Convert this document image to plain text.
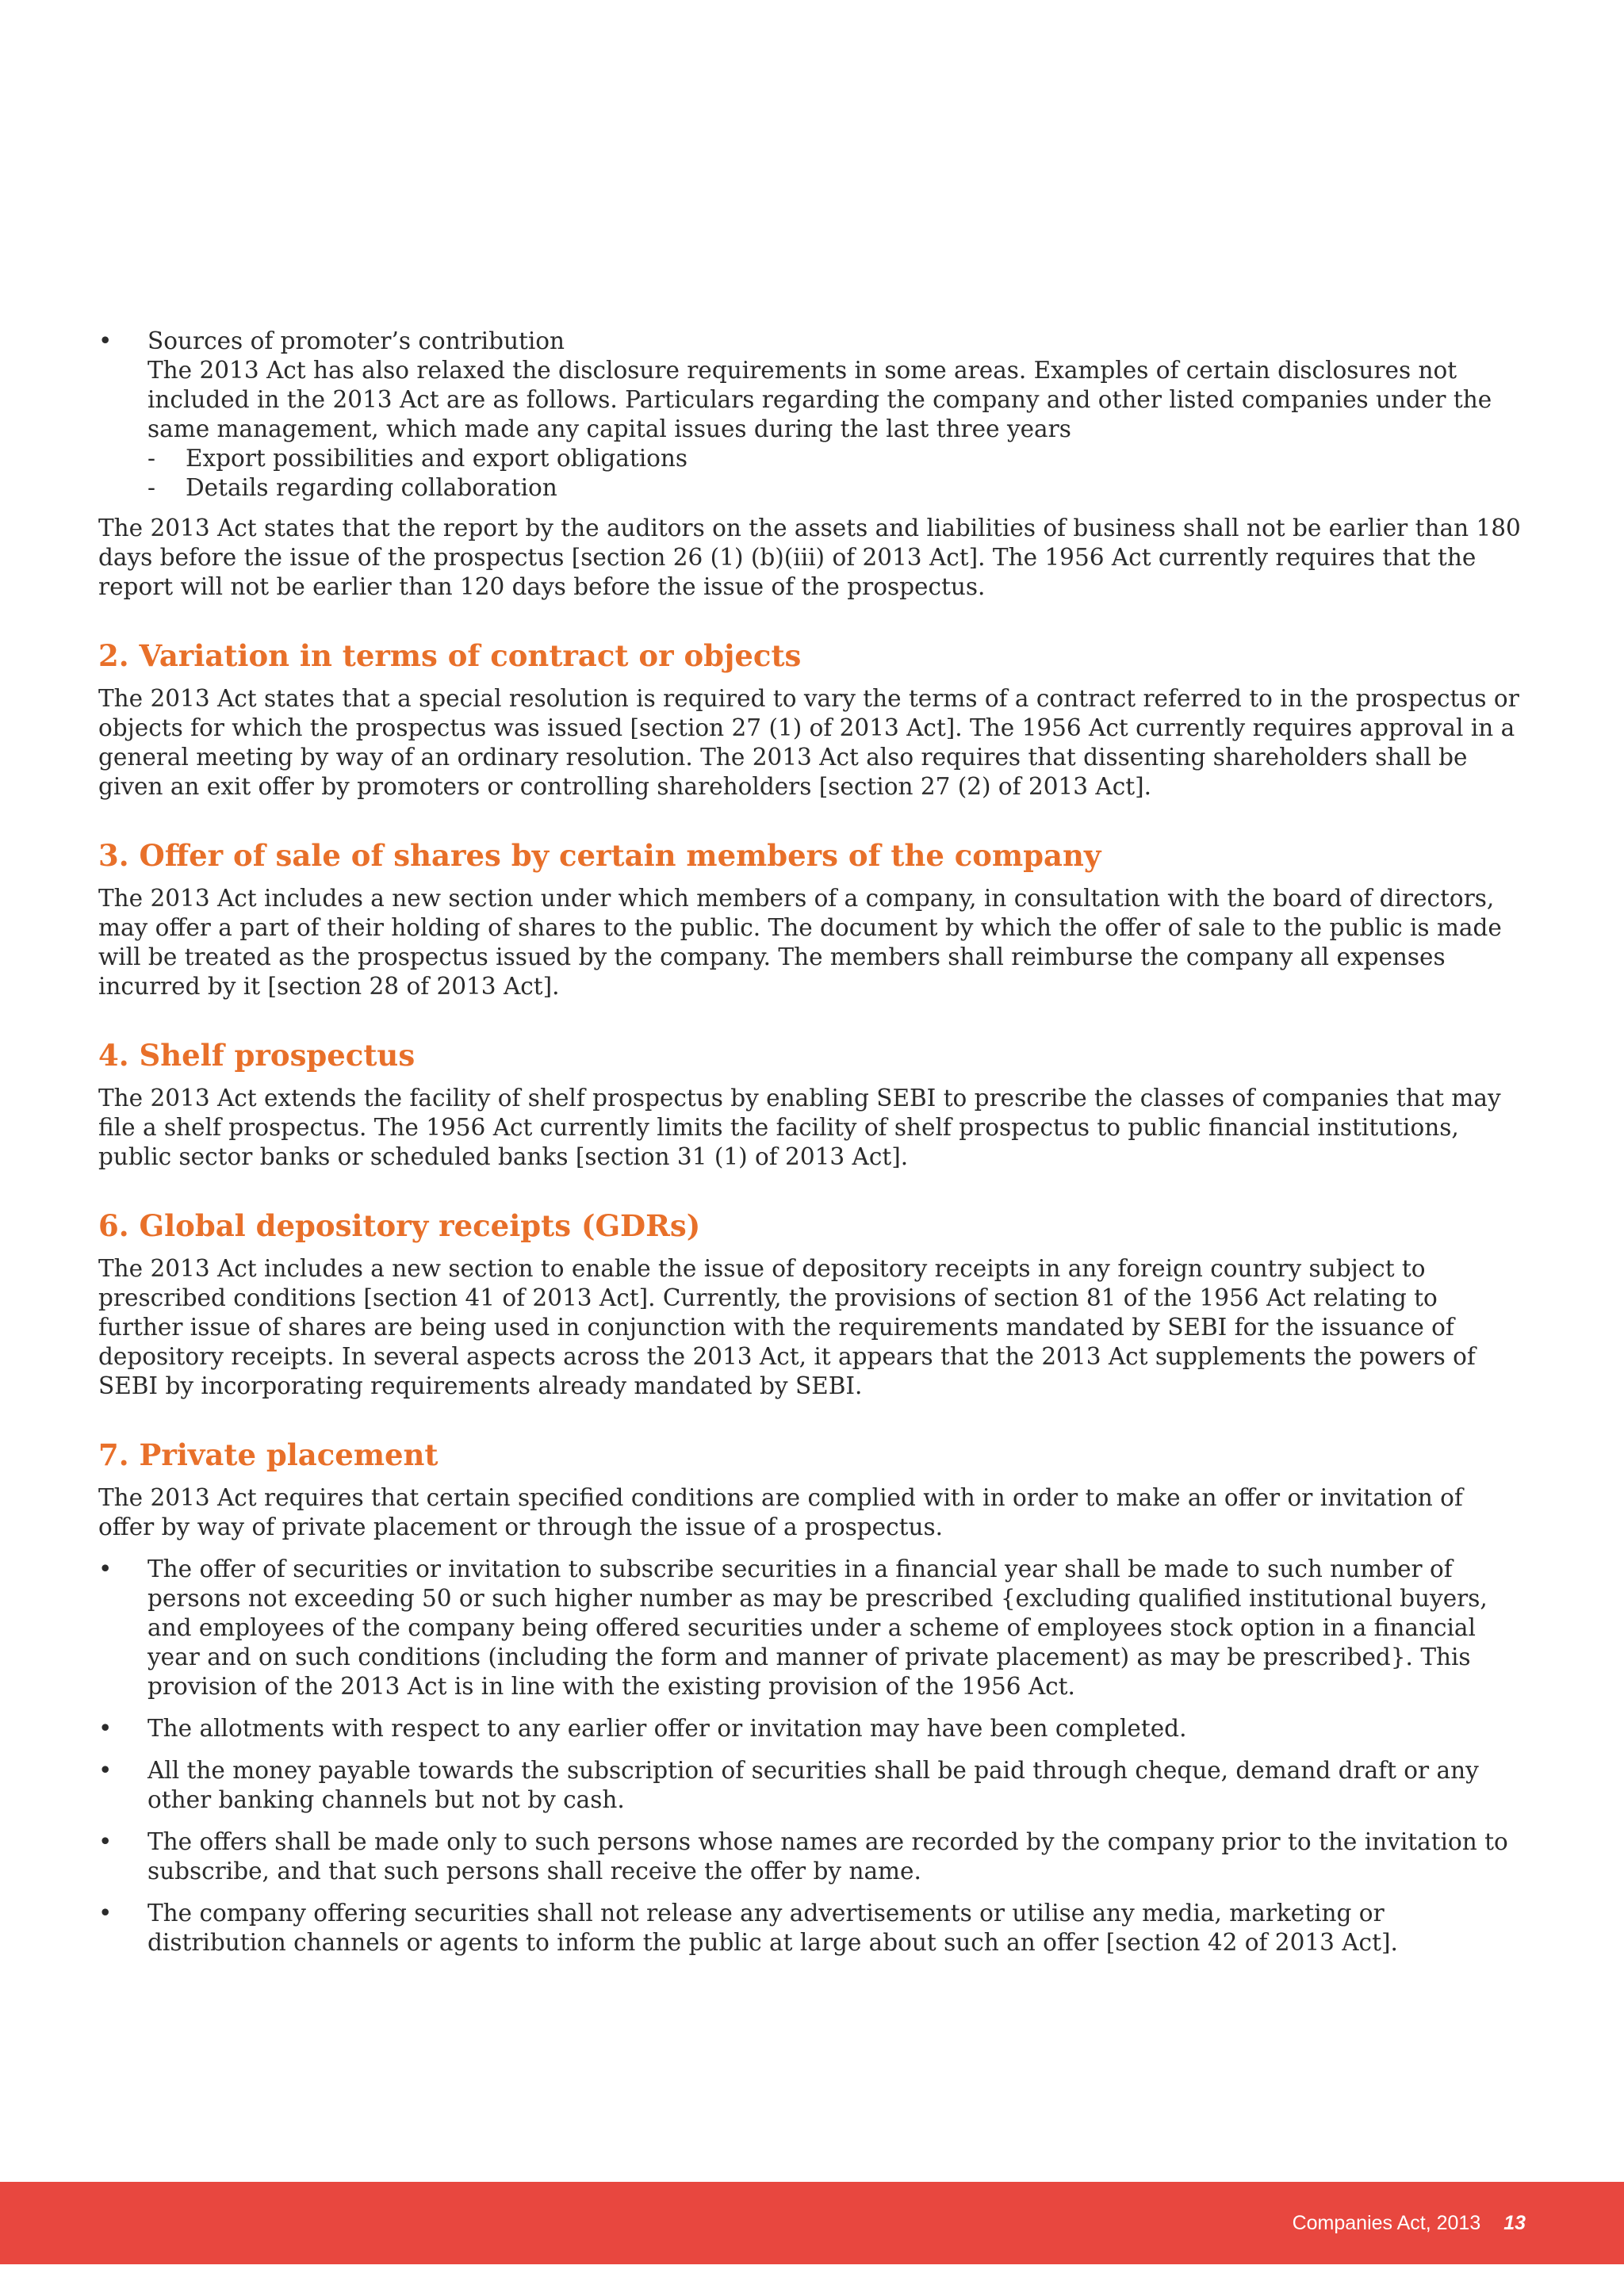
• Sources of promoter’s contribution
The 2013 Act has also relaxed the disclosure requirements in some areas. Examples of certain disclosures not included in the 2013 Act are as follows. Particulars regarding the company and other listed companies under the same management, which made any capital issues during the last three years
- Export possibilities and export obligations
- Details regarding collaboration

The 2013 Act states that the report by the auditors on the assets and liabilities of business shall not be earlier than 180 days before the issue of the prospectus [section 26 (1) (b)(iii) of 2013 Act]. The 1956 Act currently requires that the report will not be earlier than 120 days before the issue of the prospectus.

2. Variation in terms of contract or objects

The 2013 Act states that a special resolution is required to vary the terms of a contract referred to in the prospectus or objects for which the prospectus was issued [section 27 (1) of 2013 Act]. The 1956 Act currently requires approval in a general meeting by way of an ordinary resolution. The 2013 Act also requires that dissenting shareholders shall be given an exit offer by promoters or controlling shareholders [section 27 (2) of 2013 Act].

3. Offer of sale of shares by certain members of the company

The 2013 Act includes a new section under which members of a company, in consultation with the board of directors, may offer a part of their holding of shares to the public. The document by which the offer of sale to the public is made will be treated as the prospectus issued by the company. The members shall reimburse the company all expenses incurred by it [section 28 of 2013 Act].

4. Shelf prospectus

The 2013 Act extends the facility of shelf prospectus by enabling SEBI to prescribe the classes of companies that may file a shelf prospectus. The 1956 Act currently limits the facility of shelf prospectus to public financial institutions, public sector banks or scheduled banks [section 31 (1) of 2013 Act].

6. Global depository receipts (GDRs)

The 2013 Act includes a new section to enable the issue of depository receipts in any foreign country subject to prescribed conditions [section 41 of 2013 Act]. Currently, the provisions of section 81 of the 1956 Act relating to further issue of shares are being used in conjunction with the requirements mandated by SEBI for the issuance of depository receipts. In several aspects across the 2013 Act, it appears that the 2013 Act supplements the powers of SEBI by incorporating requirements already mandated by SEBI.

7. Private placement

The 2013 Act requires that certain specified conditions are complied with in order to make an offer or invitation of offer by way of private placement or through the issue of a prospectus.

• The offer of securities or invitation to subscribe securities in a financial year shall be made to such number of persons not exceeding 50 or such higher number as may be prescribed {excluding qualified institutional buyers, and employees of the company being offered securities under a scheme of employees stock option in a financial year and on such conditions (including the form and manner of private placement) as may be prescribed}. This provision of the 2013 Act is in line with the existing provision of the 1956 Act.
• The allotments with respect to any earlier offer or invitation may have been completed.
• All the money payable towards the subscription of securities shall be paid through cheque, demand draft or any other banking channels but not by cash.
• The offers shall be made only to such persons whose names are recorded by the company prior to the invitation to subscribe, and that such persons shall receive the offer by name.
• The company offering securities shall not release any advertisements or utilise any media, marketing or distribution channels or agents to inform the public at large about such an offer [section 42 of 2013 Act].
Companies Act, 2013 13
